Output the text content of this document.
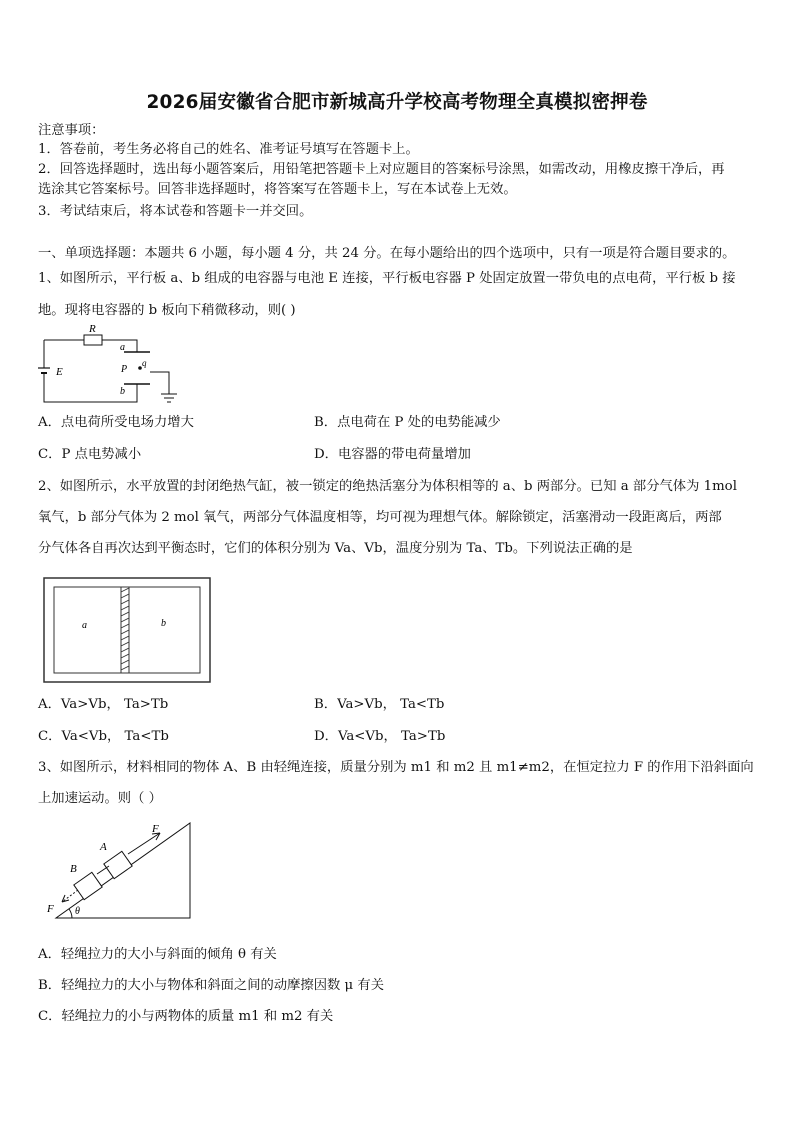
2026届安徽省合肥市新城高升学校高考物理全真模拟密押卷
注意事项：
1．答卷前，考生务必将自己的姓名、准考证号填写在答题卡上。
2．回答选择题时，选出每小题答案后，用铅笔把答题卡上对应题目的答案标号涂黑，如需改动，用橡皮擦干净后，再
选涂其它答案标号。回答非选择题时，将答案写在答题卡上，写在本试卷上无效。
3．考试结束后，将本试卷和答题卡一并交回。
一、单项选择题：本题共 6 小题，每小题 4 分，共 24 分。在每小题给出的四个选项中，只有一项是符合题目要求的。
1、如图所示，平行板 a、b 组成的电容器与电池 E 连接，平行板电容器 P 处固定放置一带负电的点电荷，平行板 b 接
地。现将电容器的 b 板向下稍微移动，则( )
R
E
a
b
P
q
A．点电荷所受电场力增大	B．点电荷在 P 处的电势能减少
C．P 点电势减小	D．电容器的带电荷量增加
2、如图所示，水平放置的封闭绝热气缸，被一锁定的绝热活塞分为体积相等的 a、b 两部分。已知 a 部分气体为 1mol
氧气，b 部分气体为 2 mol 氧气，两部分气体温度相等，均可视为理想气体。解除锁定，活塞滑动一段距离后，两部
分气体各自再次达到平衡态时，它们的体积分别为 Va、Vb，温度分别为 Ta、Tb。下列说法正确的是
a	b
A．Va>Vb， Ta>Tb	B．Va>Vb， Ta<Tb
C．Va<Vb， Ta<Tb	D．Va<Vb， Ta>Tb
3、如图所示，材料相同的物体 A、B 由轻绳连接，质量分别为 m1 和 m2 且 m1≠m2，在恒定拉力 F 的作用下沿斜面向
上加速运动。则（ ）
A
B
F
F θ
A．轻绳拉力的大小与斜面的倾角 θ 有关
B．轻绳拉力的大小与物体和斜面之间的动摩擦因数 μ 有关
C．轻绳拉力的小与两物体的质量 m1 和 m2 有关
